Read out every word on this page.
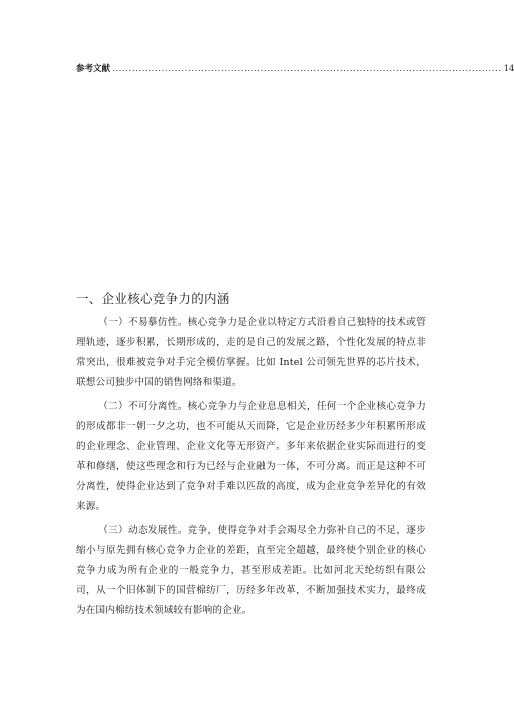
参考文献 ...................................................................................................................... 14
一、企业核心竞争力的内涵

（一）不易摹仿性。核心竞争力是企业以特定方式沿着自己独特的技术或管理轨迹，逐步积累，长期形成的，走的是自己的发展之路，个性化发展的特点非常突出，很难被竞争对手完全模仿掌握。比如 Intel 公司领先世界的芯片技术，联想公司独步中国的销售网络和渠道。

（二）不可分离性。核心竞争力与企业息息相关，任何一个企业核心竞争力的形成都非一朝一夕之功，也不可能从天而降，它是企业历经多少年积累所形成的企业理念、企业管理、企业文化等无形资产。多年来依据企业实际而进行的变革和修缮，使这些理念和行为已经与企业融为一体，不可分离。而正是这种不可分离性，使得企业达到了竞争对手难以匹敌的高度，成为企业竞争差异化的有效来源。

（三）动态发展性。竞争，使得竞争对手会竭尽全力弥补自己的不足，逐步缩小与原先拥有核心竞争力企业的差距，直至完全超越，最终使个别企业的核心竞争力成为所有企业的一般竞争力，甚至形成差距。比如河北天纶纺织有限公司，从一个旧体制下的国营棉纺厂，历经多年改革，不断加强技术实力，最终成为在国内棉纺技术领域较有影响的企业。
